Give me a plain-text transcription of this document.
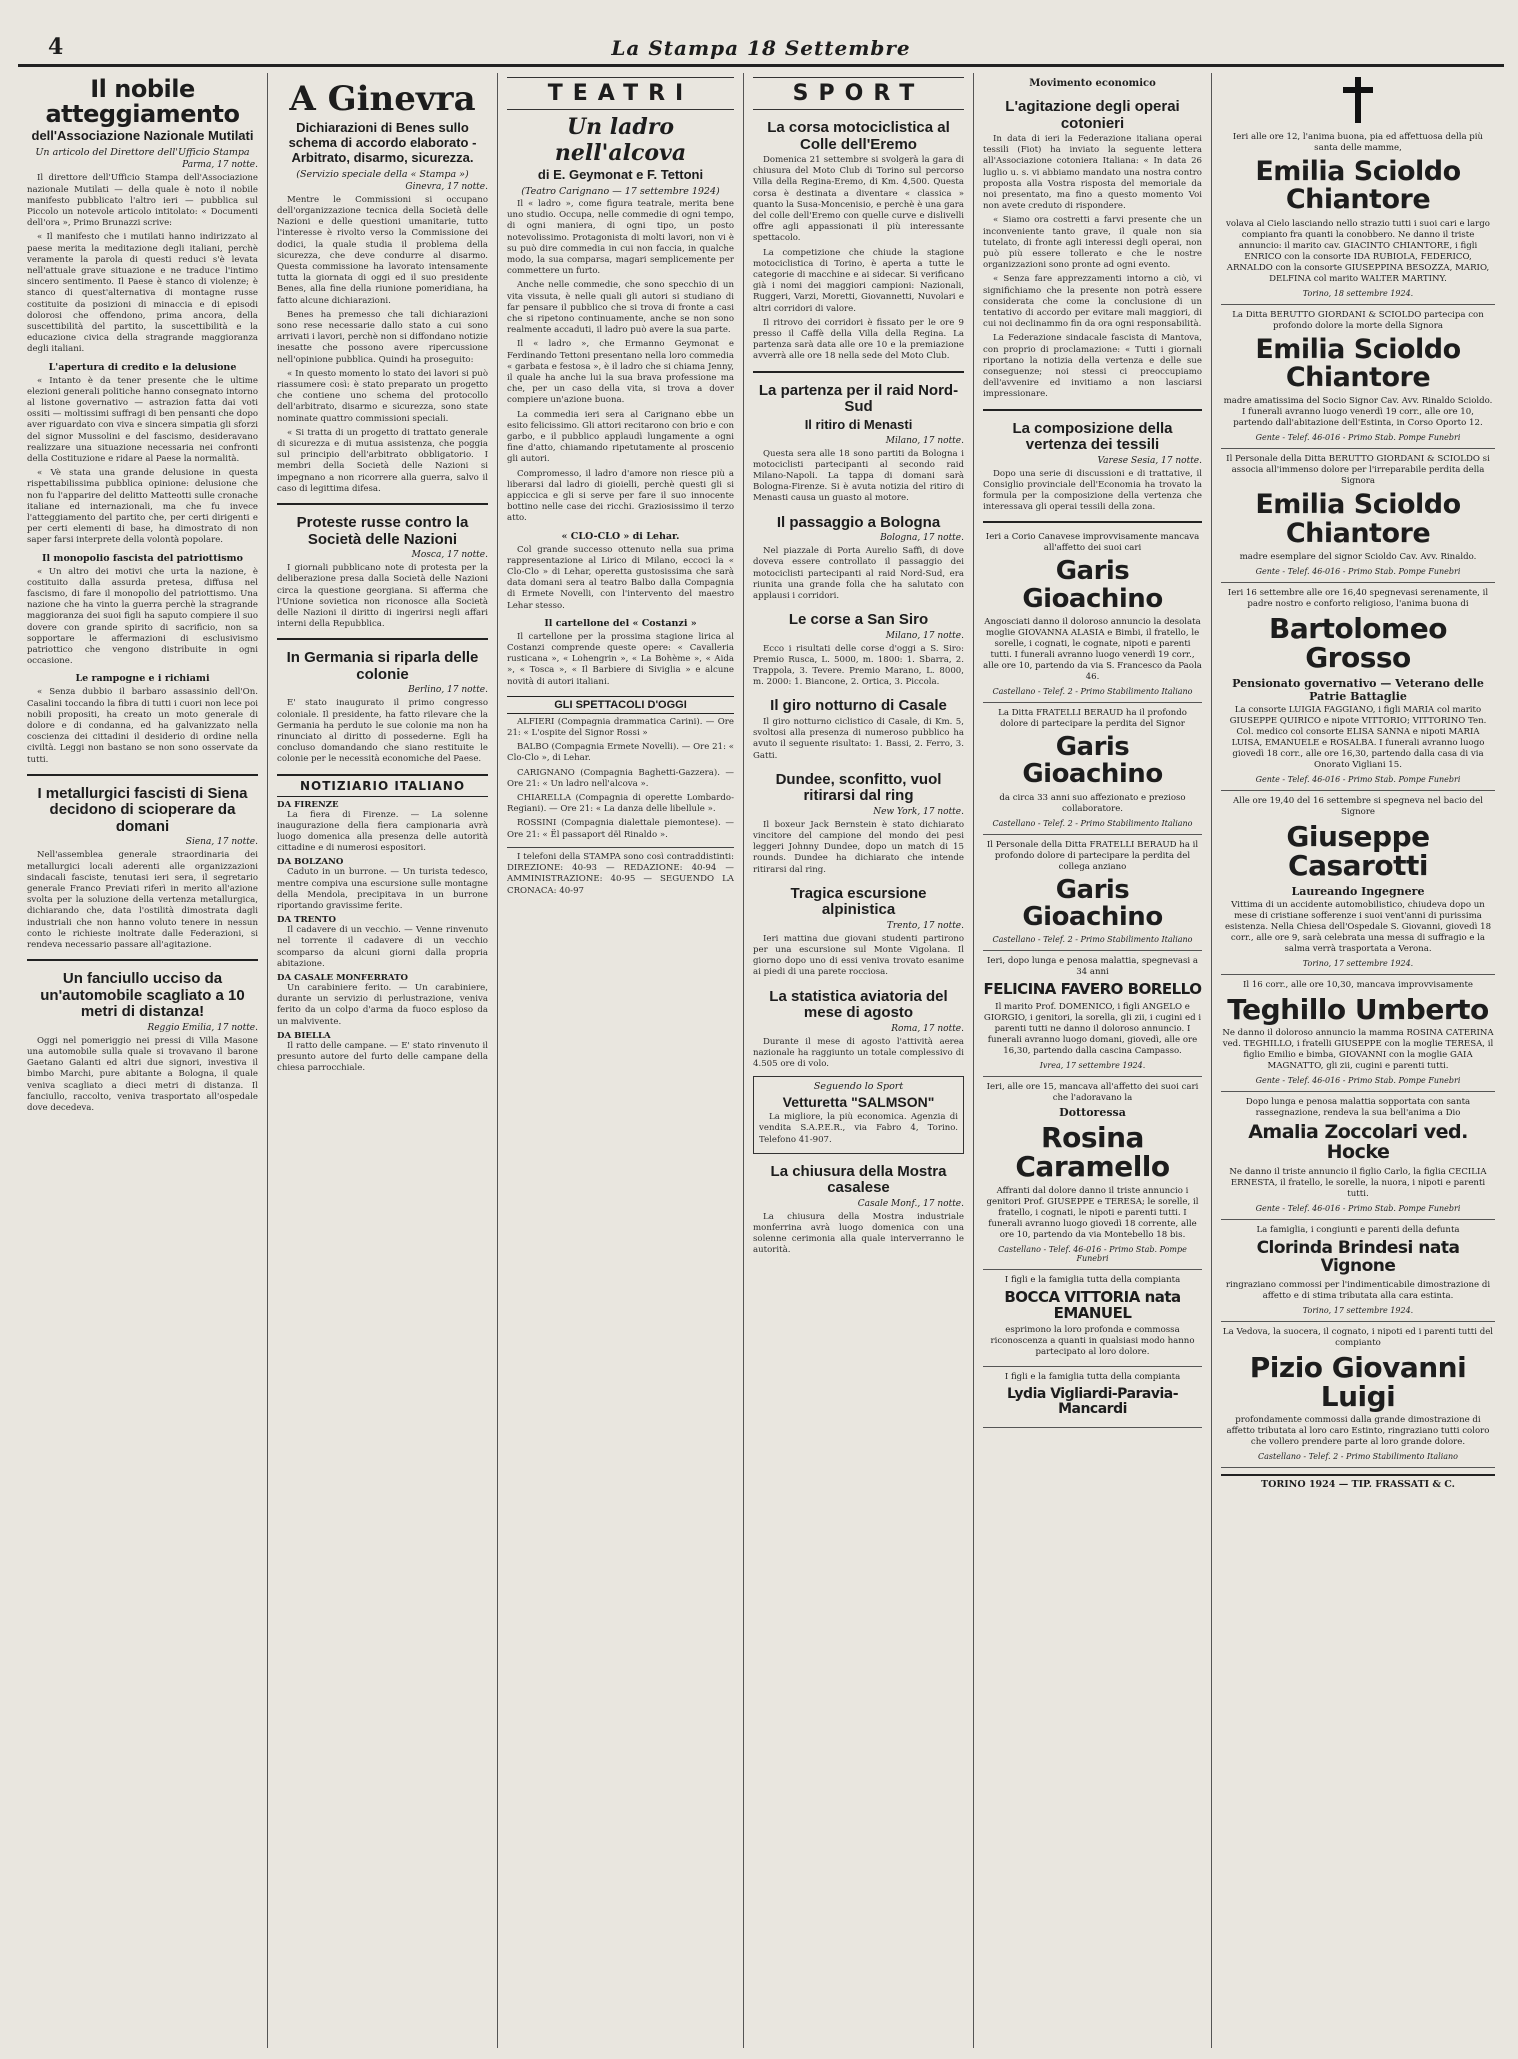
4	La Stampa 18 Settembre
Il nobile atteggiamento
dell'Associazione Nazionale Mutilati
Un articolo del Direttore dell'Ufficio Stampa
Parma, 17 notte.

Il direttore dell'Ufficio Stampa dell'Associazione nazionale Mutilati — della quale è noto il nobile manifesto pubblicato l'altro ieri — pubblica sul Piccolo un notevole articolo intitolato: « Documenti dell'ora », Primo Brunazzi scrive:

« Il manifesto che i mutilati hanno indirizzato al paese merita la meditazione degli italiani, perchè veramente la parola di questi reduci s'è levata nell'attuale grave situazione e ne traduce l'intimo sincero sentimento. Il Paese è stanco di violenze; è stanco di quest'alternativa di montagne russe costituite da posizioni di minaccia e di episodi dolorosi che offendono, prima ancora, della suscettibilità del partito, la suscettibilità e la educazione civica della stragrande maggioranza degli italiani.

L'apertura di credito e la delusione

« Intanto è da tener presente che le ultime elezioni generali politiche hanno consegnato intorno al listone governativo — astrazion fatta dai voti ossiti — moltissimi suffragi di ben pensanti che dopo aver riguardato con viva e sincera simpatia gli sforzi del signor Mussolini e del fascismo, desideravano realizzare una situazione necessaria nei confronti della Costituzione e ridare al Paese la normalità.

« Vè stata una grande delusione in questa rispettabilissima pubblica opinione: delusione che non fu l'apparire del delitto Matteotti sulle cronache italiane ed internazionali, ma che fu invece l'atteggiamento del partito che, per certi dirigenti e per certi elementi di base, ha dimostrato di non saper farsi interprete della volontà popolare.

Il monopolio fascista del patriottismo

« Un altro dei motivi che urta la nazione, è costituito dalla assurda pretesa, diffusa nel fascismo, di fare il monopolio del patriottismo. Una nazione che ha vinto la guerra perchè la stragrande maggioranza dei suoi figli ha saputo compiere il suo dovere con grande spirito di sacrificio, non sa sopportare le affermazioni di esclusivismo patriottico che vengono distribuite in ogni occasione.

Le rampogne e i richiami

« Senza dubbio il barbaro assassinio dell'On. Casalini toccando la fibra di tutti i cuori non lece poi nobili propositi, ha creato un moto generale di dolore e di condanna, ed ha galvanizzato nella coscienza dei cittadini il desiderio di ordine nella civiltà. Leggi non bastano se non sono osservate da tutti.

I metallurgici fascisti di Siena decidono di scioperare da domani
Siena, 17 notte.

Nell'assemblea generale straordinaria dei metallurgici locali aderenti alle organizzazioni sindacali fasciste, tenutasi ieri sera, il segretario generale Franco Previati riferì in merito all'azione svolta per la soluzione della vertenza metallurgica, dichiarando che, data l'ostilità dimostrata dagli industriali che non hanno voluto tenere in nessun conto le richieste inoltrate dalle Federazioni, si rendeva necessario passare all'agitazione.

Un fanciullo ucciso da un'automobile scagliato a 10 metri di distanza!
Reggio Emilia, 17 notte.

Oggi nel pomeriggio nei pressi di Villa Masone una automobile sulla quale si trovavano il barone Gaetano Galanti ed altri due signori, investiva il bimbo Marchi, pure abitante a Bologna, il quale veniva scagliato a dieci metri di distanza. Il fanciullo, raccolto, veniva trasportato all'ospedale dove decedeva.

A Ginevra
Dichiarazioni di Benes sullo schema di accordo elaborato - Arbitrato, disarmo, sicurezza.
(Servizio speciale della « Stampa »)
Ginevra, 17 notte.

Mentre le Commissioni si occupano dell'organizzazione tecnica della Società delle Nazioni e delle questioni umanitarie, tutto l'interesse è rivolto verso la Commissione dei dodici, la quale studia il problema della sicurezza, che deve condurre al disarmo. Questa commissione ha lavorato intensamente tutta la giornata di oggi ed il suo presidente Benes, alla fine della riunione pomeridiana, ha fatto alcune dichiarazioni.

Benes ha premesso che tali dichiarazioni sono rese necessarie dallo stato a cui sono arrivati i lavori, perchè non si diffondano notizie inesatte che possono avere ripercussione nell'opinione pubblica. Quindi ha proseguito:

« In questo momento lo stato dei lavori si può riassumere così: è stato preparato un progetto che contiene uno schema del protocollo dell'arbitrato, disarmo e sicurezza, sono state nominate quattro commissioni speciali.

« Si tratta di un progetto di trattato generale di sicurezza e di mutua assistenza, che poggia sul principio dell'arbitrato obbligatorio. I membri della Società delle Nazioni si impegnano a non ricorrere alla guerra, salvo il caso di legittima difesa.

Proteste russe contro la Società delle Nazioni
Mosca, 17 notte.

I giornali pubblicano note di protesta per la deliberazione presa dalla Società delle Nazioni circa la questione georgiana. Si afferma che l'Unione sovietica non riconosce alla Società delle Nazioni il diritto di ingerirsi negli affari interni della Repubblica.

In Germania si riparla delle colonie
Berlino, 17 notte.

E' stato inaugurato il primo congresso coloniale. Il presidente, ha fatto rilevare che la Germania ha perduto le sue colonie ma non ha rinunciato al diritto di possederne. Egli ha concluso domandando che siano restituite le colonie per le necessità economiche del Paese.

NOTIZIARIO ITALIANO
DA FIRENZE

La fiera di Firenze. — La solenne inaugurazione della fiera campionaria avrà luogo domenica alla presenza delle autorità cittadine e di numerosi espositori.

DA BOLZANO

Caduto in un burrone. — Un turista tedesco, mentre compiva una escursione sulle montagne della Mendola, precipitava in un burrone riportando gravissime ferite.

DA TRENTO

Il cadavere di un vecchio. — Venne rinvenuto nel torrente il cadavere di un vecchio scomparso da alcuni giorni dalla propria abitazione.

DA CASALE MONFERRATO

Un carabiniere ferito. — Un carabiniere, durante un servizio di perlustrazione, veniva ferito da un colpo d'arma da fuoco esploso da un malvivente.

DA BIELLA

Il ratto delle campane. — E' stato rinvenuto il presunto autore del furto delle campane della chiesa parrocchiale.

TEATRI
Un ladro nell'alcova
di E. Geymonat e F. Tettoni
(Teatro Carignano — 17 settembre 1924)

Il « ladro », come figura teatrale, merita bene uno studio. Occupa, nelle commedie di ogni tempo, di ogni maniera, di ogni tipo, un posto notevolissimo. Protagonista di molti lavori, non vi è su può dire commedia in cui non faccia, in qualche modo, la sua comparsa, magari semplicemente per commettere un furto.

Anche nelle commedie, che sono specchio di un vita vissuta, è nelle quali gli autori si studiano di far pensare il pubblico che si trova di fronte a casi che si ripetono continuamente, anche se non sono realmente accaduti, il ladro può avere la sua parte.

Il « ladro », che Ermanno Geymonat e Ferdinando Tettoni presentano nella loro commedia « garbata e festosa », è il ladro che si chiama Jenny, il quale ha anche lui la sua brava professione ma che, per un caso della vita, si trova a dover compiere un'azione buona.

La commedia ieri sera al Carignano ebbe un esito felicissimo. Gli attori recitarono con brio e con garbo, e il pubblico applaudì lungamente a ogni fine d'atto, chiamando ripetutamente al proscenio gli autori.

Compromesso, il ladro d'amore non riesce più a liberarsi dal ladro di gioielli, perchè questi gli si appiccica e gli si serve per fare il suo innocente bottino nelle case dei ricchi. Graziosissimo il terzo atto.

« CLO-CLO » di Lehar.

Col grande successo ottenuto nella sua prima rappresentazione al Lirico di Milano, eccoci la « Clo-Clo » di Lehar, operetta gustosissima che sarà data domani sera al teatro Balbo dalla Compagnia di Ermete Novelli, con l'intervento del maestro Lehar stesso.

Il cartellone del « Costanzi »

Il cartellone per la prossima stagione lirica al Costanzi comprende queste opere: « Cavalleria rusticana », « Lohengrin », « La Bohème », « Aida », « Tosca », « Il Barbiere di Siviglia » e alcune novità di autori italiani.

GLI SPETTACOLI D'OGGI

ALFIERI (Compagnia drammatica Carini). — Ore 21: « L'ospite del Signor Rossi »

BALBO (Compagnia Ermete Novelli). — Ore 21: « Clo-Clo », di Lehar.

CARIGNANO (Compagnia Baghetti-Gazzera). — Ore 21: « Un ladro nell'alcova ».

CHIARELLA (Compagnia di operette Lombardo-Regiani). — Ore 21: « La danza delle libellule ».

ROSSINI (Compagnia dialettale piemontese). — Ore 21: « Ël passaport dël Rinaldo ».

I telefoni della STAMPA sono così contraddistinti: DIREZIONE: 40-93 — REDAZIONE: 40-94 — AMMINISTRAZIONE: 40-95 — SEGUENDO LA CRONACA: 40-97

SPORT
La corsa motociclistica al Colle dell'Eremo

Domenica 21 settembre si svolgerà la gara di chiusura del Moto Club di Torino sul percorso Villa della Regina-Eremo, di Km. 4,500. Questa corsa è destinata a diventare « classica » quanto la Susa-Moncenisio, e perchè è una gara del colle dell'Eremo con quelle curve e dislivelli offre agli appassionati il più interessante spettacolo.

La competizione che chiude la stagione motociclistica di Torino, è aperta a tutte le categorie di macchine e ai sidecar. Si verificano già i nomi dei maggiori campioni: Nazionali, Ruggeri, Varzi, Moretti, Giovannetti, Nuvolari e altri corridori di valore.

Il ritrovo dei corridori è fissato per le ore 9 presso il Caffè della Villa della Regina. La partenza sarà data alle ore 10 e la premiazione avverrà alle ore 18 nella sede del Moto Club.

La partenza per il raid Nord-Sud
Il ritiro di Menasti
Milano, 17 notte.

Questa sera alle 18 sono partiti da Bologna i motociclisti partecipanti al secondo raid Milano-Napoli. La tappa di domani sarà Bologna-Firenze. Si è avuta notizia del ritiro di Menasti causa un guasto al motore.

Il passaggio a Bologna
Bologna, 17 notte.

Nel piazzale di Porta Aurelio Saffi, di dove doveva essere controllato il passaggio dei motociclisti partecipanti al raid Nord-Sud, era riunita una grande folla che ha salutato con applausi i corridori.

Le corse a San Siro
Milano, 17 notte.

Ecco i risultati delle corse d'oggi a S. Siro: Premio Rusca, L. 5000, m. 1800: 1. Sbarra, 2. Trappola, 3. Tevere. Premio Marano, L. 8000, m. 2000: 1. Biancone, 2. Ortica, 3. Piccola.

Il giro notturno di Casale

Il giro notturno ciclistico di Casale, di Km. 5, svoltosi alla presenza di numeroso pubblico ha avuto il seguente risultato: 1. Bassi, 2. Ferro, 3. Gatti.

Dundee, sconfitto, vuol ritirarsi dal ring
New York, 17 notte.

Il boxeur Jack Bernstein è stato dichiarato vincitore del campione del mondo dei pesi leggeri Johnny Dundee, dopo un match di 15 rounds. Dundee ha dichiarato che intende ritirarsi dal ring.

Tragica escursione alpinistica
Trento, 17 notte.

Ieri mattina due giovani studenti partirono per una escursione sul Monte Vigolana. Il giorno dopo uno di essi veniva trovato esanime ai piedi di una parete rocciosa.

La statistica aviatoria del mese di agosto
Roma, 17 notte.

Durante il mese di agosto l'attività aerea nazionale ha raggiunto un totale complessivo di 4.505 ore di volo.

Seguendo lo Sport
Vetturetta "SALMSON"

La migliore, la più economica. Agenzia di vendita S.A.P.E.R., via Fabro 4, Torino. Telefono 41-907.

La chiusura della Mostra casalese
Casale Monf., 17 notte.

La chiusura della Mostra industriale monferrina avrà luogo domenica con una solenne cerimonia alla quale interverranno le autorità.

Movimento economico
L'agitazione degli operai cotonieri

In data di ieri la Federazione italiana operai tessili (Fiot) ha inviato la seguente lettera all'Associazione cotoniera Italiana: « In data 26 luglio u. s. vi abbiamo mandato una nostra contro proposta alla Vostra risposta del memoriale da noi presentato, ma fino a questo momento Voi non avete creduto di rispondere.

« Siamo ora costretti a farvi presente che un inconveniente tanto grave, il quale non sia tutelato, di fronte agli interessi degli operai, non può più essere tollerato e che le nostre organizzazioni sono pronte ad ogni evento.

« Senza fare apprezzamenti intorno a ciò, vi significhiamo che la presente non potrà essere considerata che come la conclusione di un tentativo di accordo per evitare mali maggiori, di cui noi declinammo fin da ora ogni responsabilità.

La Federazione sindacale fascista di Mantova, con proprio di proclamazione: « Tutti i giornali riportano la notizia della vertenza e delle sue conseguenze; noi stessi ci preoccupiamo dell'avvenire ed invitiamo a non lasciarsi impressionare.

La composizione della vertenza dei tessili
Varese Sesia, 17 notte.

Dopo una serie di discussioni e di trattative, il Consiglio provinciale dell'Economia ha trovato la formula per la composizione della vertenza che interessava gli operai tessili della zona.

Ieri a Corio Canavese improvvisamente mancava all'affetto dei suoi cari
Garis Gioachino
Angosciati danno il doloroso annuncio la desolata moglie GIOVANNA ALASIA e Bimbi, il fratello, le sorelle, i cognati, le cognate, nipoti e parenti tutti. I funerali avranno luogo venerdì 19 corr., alle ore 10, partendo da via S. Francesco da Paola 46.
Castellano - Telef. 2 - Primo Stabilimento Italiano
La Ditta FRATELLI BERAUD ha il profondo dolore di partecipare la perdita del Signor
Garis Gioachino
da circa 33 anni suo affezionato e prezioso collaboratore.
Castellano - Telef. 2 - Primo Stabilimento Italiano
Il Personale della Ditta FRATELLI BERAUD ha il profondo dolore di partecipare la perdita del collega anziano
Garis Gioachino
Castellano - Telef. 2 - Primo Stabilimento Italiano
Ieri, dopo lunga e penosa malattia, spegnevasi a 34 anni
FELICINA FAVERO BORELLO
Il marito Prof. DOMENICO, i figli ANGELO e GIORGIO, i genitori, la sorella, gli zii, i cugini ed i parenti tutti ne danno il doloroso annuncio. I funerali avranno luogo domani, giovedì, alle ore 16,30, partendo dalla cascina Campasso.
Ivrea, 17 settembre 1924.
Ieri, alle ore 15, mancava all'affetto dei suoi cari che l'adoravano la
Dottoressa
Rosina Caramello
Affranti dal dolore danno il triste annuncio i genitori Prof. GIUSEPPE e TERESA; le sorelle, il fratello, i cognati, le nipoti e parenti tutti. I funerali avranno luogo giovedì 18 corrente, alle ore 10, partendo da via Montebello 18 bis.
Castellano - Telef. 46-016 - Primo Stab. Pompe Funebri
I figli e la famiglia tutta della compianta
BOCCA VITTORIA nata EMANUEL
esprimono la loro profonda e commossa riconoscenza a quanti in qualsiasi modo hanno partecipato al loro dolore.
I figli e la famiglia tutta della compianta
Lydia Vigliardi-Paravia-Mancardi
Ieri alle ore 12, l'anima buona, pia ed affettuosa della più santa delle mamme,
Emilia Scioldo Chiantore
volava al Cielo lasciando nello strazio tutti i suoi cari e largo compianto fra quanti la conobbero. Ne danno il triste annuncio: il marito cav. GIACINTO CHIANTORE, i figli ENRICO con la consorte IDA RUBIOLA, FEDERICO, ARNALDO con la consorte GIUSEPPINA BESOZZA, MARIO, DELFINA col marito WALTER MARTINY.
Torino, 18 settembre 1924.
La Ditta BERUTTO GIORDANI & SCIOLDO partecipa con profondo dolore la morte della Signora
Emilia Scioldo Chiantore
madre amatissima del Socio Signor Cav. Avv. Rinaldo Scioldo. I funerali avranno luogo venerdì 19 corr., alle ore 10, partendo dall'abitazione dell'Estinta, in Corso Oporto 12.
Gente - Telef. 46-016 - Primo Stab. Pompe Funebri
Il Personale della Ditta BERUTTO GIORDANI & SCIOLDO si associa all'immenso dolore per l'irreparabile perdita della Signora
Emilia Scioldo Chiantore
madre esemplare del signor Scioldo Cav. Avv. Rinaldo.
Gente - Telef. 46-016 - Primo Stab. Pompe Funebri
Ieri 16 settembre alle ore 16,40 spegnevasi serenamente, il padre nostro e conforto religioso, l'anima buona di
Bartolomeo Grosso
Pensionato governativo — Veterano delle Patrie Battaglie
La consorte LUIGIA FAGGIANO, i figli MARIA col marito GIUSEPPE QUIRICO e nipote VITTORIO; VITTORINO Ten. Col. medico col consorte ELISA SANNA e nipoti MARIA LUISA, EMANUELE e ROSALBA. I funerali avranno luogo giovedì 18 corr., alle ore 16,30, partendo dalla casa di via Onorato Vigliani 15.
Gente - Telef. 46-016 - Primo Stab. Pompe Funebri
Alle ore 19,40 del 16 settembre si spegneva nel bacio del Signore
Giuseppe Casarotti
Laureando Ingegnere
Vittima di un accidente automobilistico, chiudeva dopo un mese di cristiane sofferenze i suoi vent'anni di purissima esistenza. Nella Chiesa dell'Ospedale S. Giovanni, giovedì 18 corr., alle ore 9, sarà celebrata una messa di suffragio e la salma verrà trasportata a Verona.
Torino, 17 settembre 1924.
Il 16 corr., alle ore 10,30, mancava improvvisamente
Teghillo Umberto
Ne danno il doloroso annuncio la mamma ROSINA CATERINA ved. TEGHILLO, i fratelli GIUSEPPE con la moglie TERESA, il figlio Emilio e bimba, GIOVANNI con la moglie GAIA MAGNATTO, gli zii, cugini e parenti tutti.
Gente - Telef. 46-016 - Primo Stab. Pompe Funebri
Dopo lunga e penosa malattia sopportata con santa rassegnazione, rendeva la sua bell'anima a Dio
Amalia Zoccolari ved. Hocke
Ne danno il triste annuncio il figlio Carlo, la figlia CECILIA ERNESTA, il fratello, le sorelle, la nuora, i nipoti e parenti tutti.
Gente - Telef. 46-016 - Primo Stab. Pompe Funebri
La famiglia, i congiunti e parenti della defunta
Clorinda Brindesi nata Vignone
ringraziano commossi per l'indimenticabile dimostrazione di affetto e di stima tributata alla cara estinta.
Torino, 17 settembre 1924.
La Vedova, la suocera, il cognato, i nipoti ed i parenti tutti del compianto
Pizio Giovanni Luigi
profondamente commossi dalla grande dimostrazione di affetto tributata al loro caro Estinto, ringraziano tutti coloro che vollero prendere parte al loro grande dolore.
Castellano - Telef. 2 - Primo Stabilimento Italiano
TORINO 1924 — TIP. FRASSATI & C.
